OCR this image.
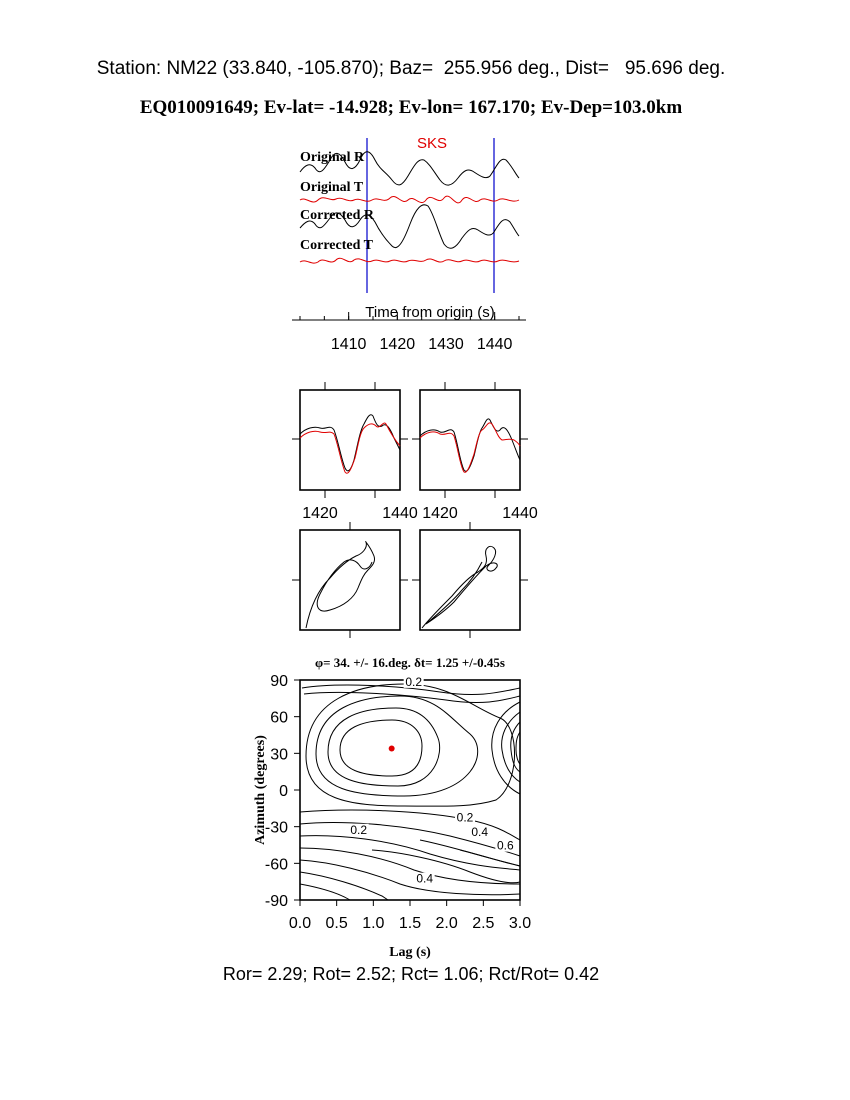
Station: NM22 (33.840, -105.870); Baz=  255.956 deg., Dist=   95.696 deg.
EQ010091649; Ev-lat= -14.928; Ev-lon= 167.170; Ev-Dep=103.0km
SKS
Original R
Original T
Corrected R
Corrected T
Time from origin (s)
1410 1420 1430 1440
1420	1440 1420	1440
φ= 34. +/- 16.deg. δt= 1.25 +/-0.45s
0.2
0.2
0.2
0.4
0.6
0.4
0.0 0.5 1.0 1.5 2.0 2.5 3.0
90
60
30
0
-30
-60
-90
Lag (s)
Azimuth (degrees)
Ror= 2.29; Rot= 2.52; Rct= 1.06; Rct/Rot= 0.42
